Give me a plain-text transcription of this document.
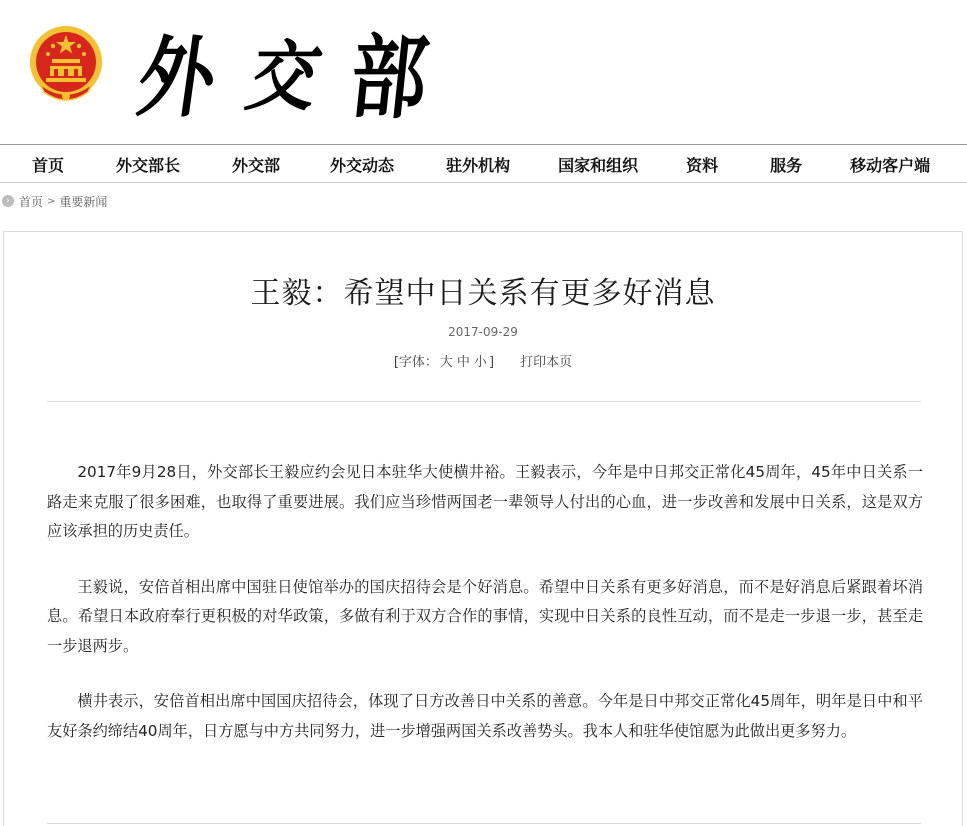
外 交 部
首页	外交部长	外交部	外交动态	驻外机构	国家和组织	资料	服务	移动客户端
› 首页 > 重要新闻
王毅：希望中日关系有更多好消息
2017-09-29
[字体： 大 中 小 ] 打印本页

2017年9月28日，外交部长王毅应约会见日本驻华大使横井裕。王毅表示，今年是中日邦交正常化45周年，45年中日关系一路走来克服了很多困难，也取得了重要进展。我们应当珍惜两国老一辈领导人付出的心血，进一步改善和发展中日关系，这是双方应该承担的历史责任。

王毅说，安倍首相出席中国驻日使馆举办的国庆招待会是个好消息。希望中日关系有更多好消息，而不是好消息后紧跟着坏消息。希望日本政府奉行更积极的对华政策，多做有利于双方合作的事情，实现中日关系的良性互动，而不是走一步退一步，甚至走一步退两步。

横井表示，安倍首相出席中国国庆招待会，体现了日方改善日中关系的善意。今年是日中邦交正常化45周年，明年是日中和平友好条约缔结40周年，日方愿与中方共同努力，进一步增强两国关系改善势头。我本人和驻华使馆愿为此做出更多努力。
